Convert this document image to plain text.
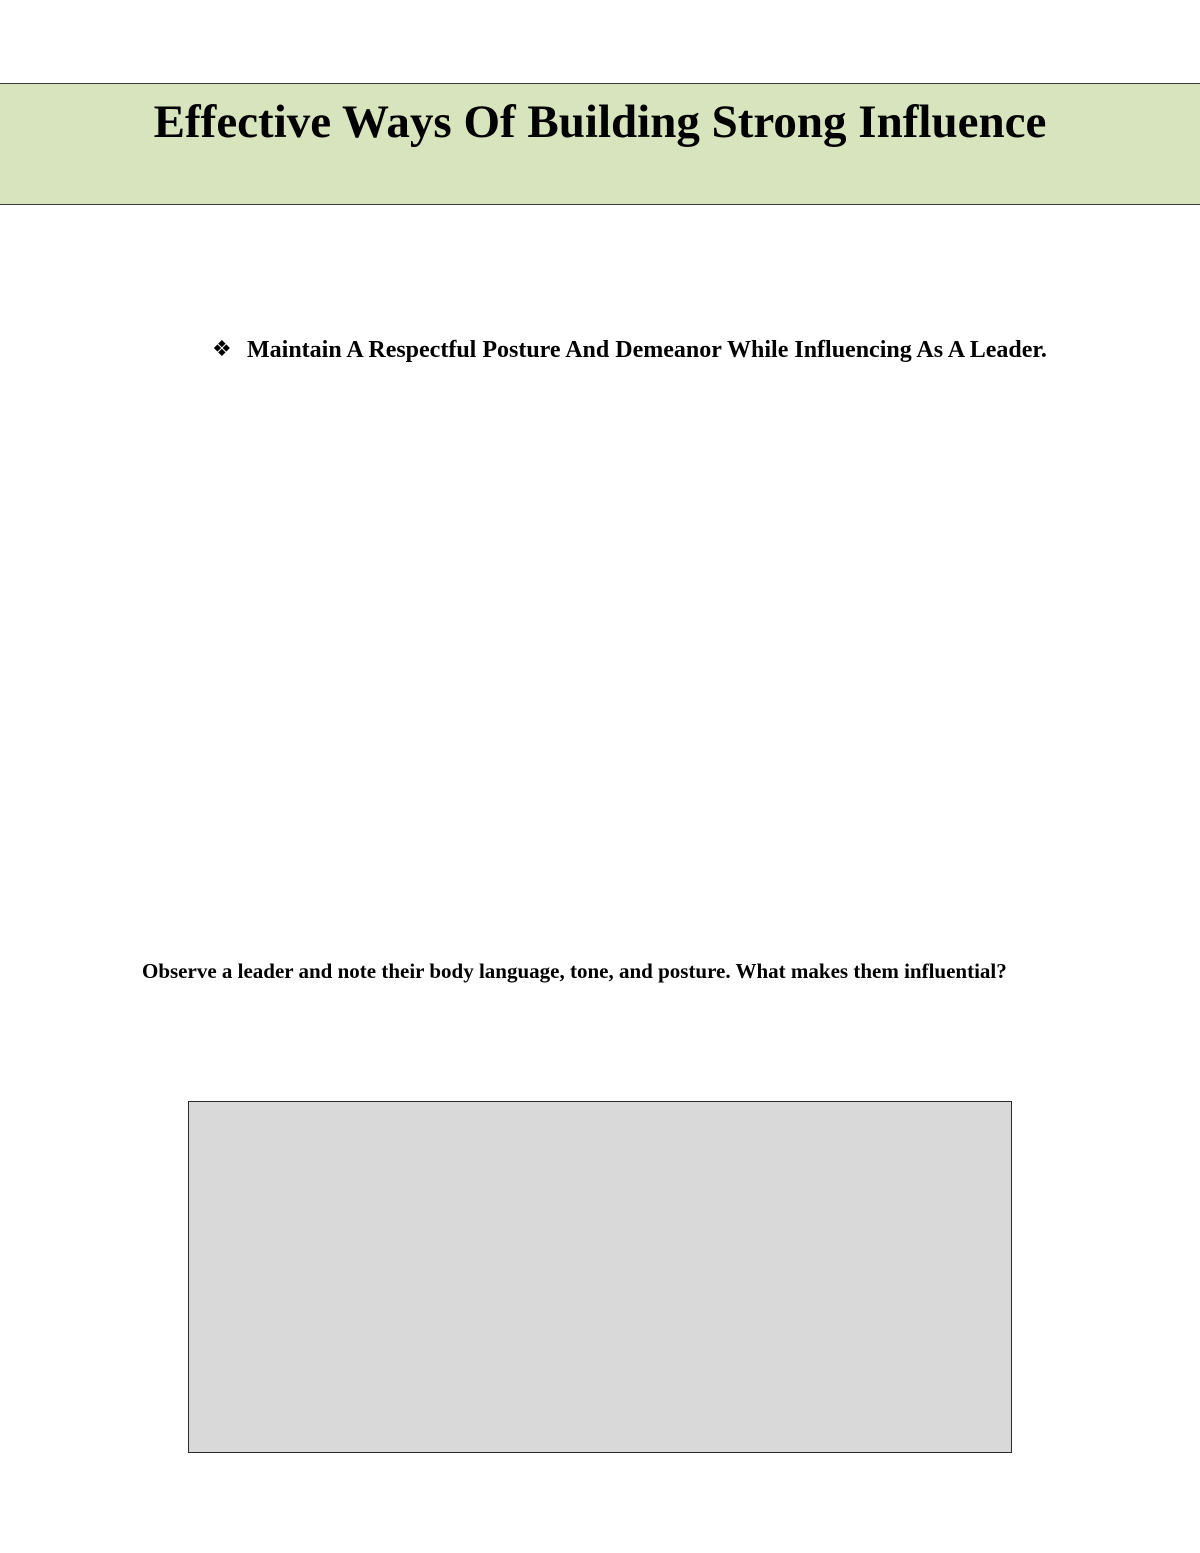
Effective Ways Of Building Strong Influence
❖ Maintain A Respectful Posture And Demeanor While Influencing As A Leader.
Observe a leader and note their body language, tone, and posture. What makes them influential?
